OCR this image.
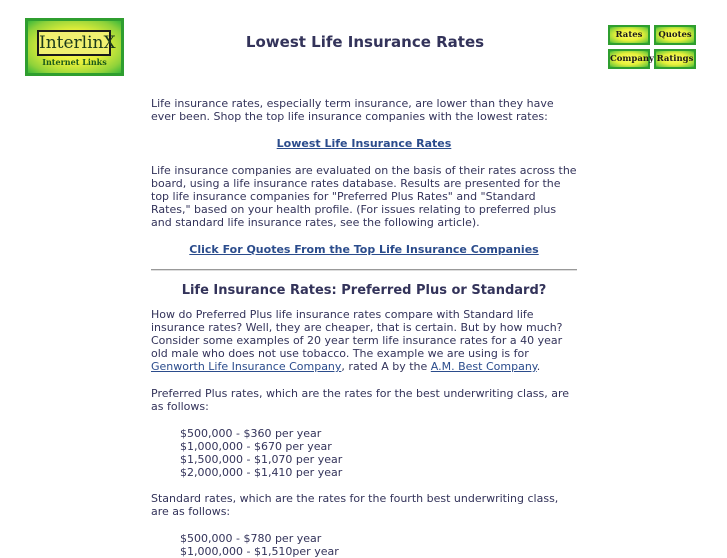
InterlinX
Internet Links
Lowest Life Insurance Rates	Rates	Quotes
Company Ratings

Life insurance rates, especially term insurance, are lower than they have ever been. Shop the top life insurance companies with the lowest rates:

Lowest Life Insurance Rates

Life insurance companies are evaluated on the basis of their rates across the board, using a life insurance rates database. Results are presented for the top life insurance companies for "Preferred Plus Rates" and "Standard Rates," based on your health profile. (For issues relating to preferred plus and standard life insurance rates, see the following article).

Click For Quotes From the Top Life Insurance Companies

Life Insurance Rates: Preferred Plus or Standard?

How do Preferred Plus life insurance rates compare with Standard life insurance rates? Well, they are cheaper, that is certain. But by how much? Consider some examples of 20 year term life insurance rates for a 40 year old male who does not use tobacco. The example we are using is for Genworth Life Insurance Company, rated A by the A.M. Best Company.

Preferred Plus rates, which are the rates for the best underwriting class, are as follows:

$500,000 - $360 per year
$1,000,000 - $670 per year
$1,500,000 - $1,070 per year
$2,000,000 - $1,410 per year

Standard rates, which are the rates for the fourth best underwriting class, are as follows:

$500,000 - $780 per year
$1,000,000 - $1,510per year
